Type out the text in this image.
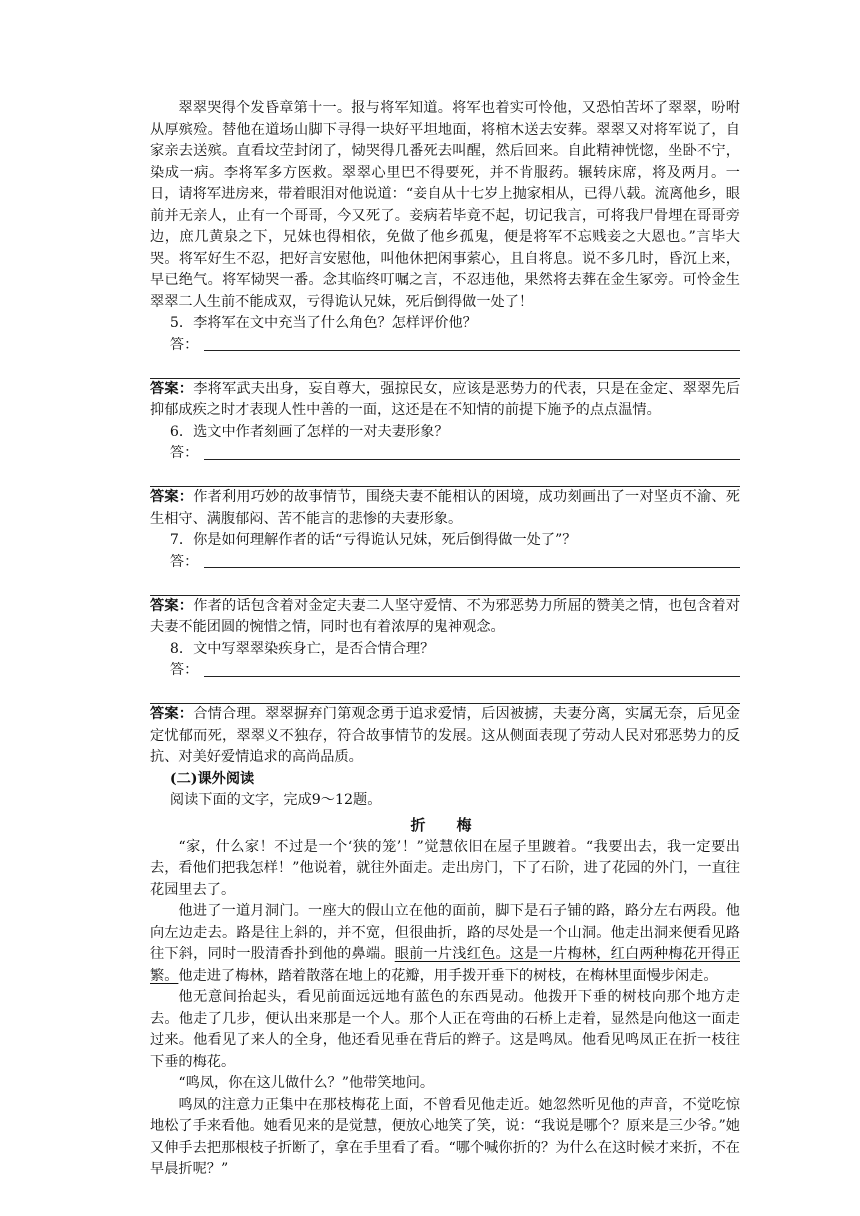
翠翠哭得个发昏章第十一。报与将军知道。将军也着实可怜他，又恐怕苦坏了翠翠，吩咐从厚殡殓。替他在道场山脚下寻得一块好平坦地面，将棺木送去安葬。翠翠又对将军说了，自家亲去送殡。直看坟茔封闭了，恸哭得几番死去叫醒，然后回来。自此精神恍惚，坐卧不宁，染成一病。李将军多方医救。翠翠心里巴不得要死，并不肯服药。辗转床席，将及两月。一日，请将军进房来，带着眼泪对他说道：“妾自从十七岁上抛家相从，已得八载。流离他乡，眼前并无亲人，止有一个哥哥，今又死了。妾病若毕竟不起，切记我言，可将我尸骨埋在哥哥旁边，庶几黄泉之下，兄妹也得相依，免做了他乡孤鬼，便是将军不忘贱妾之大恩也。”言毕大哭。将军好生不忍，把好言安慰他，叫他休把闲事萦心，且自将息。说不多几时，昏沉上来，早已绝气。将军恸哭一番。念其临终叮嘱之言，不忍违他，果然将去葬在金生冢旁。可怜金生翠翠二人生前不能成双，亏得诡认兄妹，死后倒得做一处了！

5．李将军在文中充当了什么角色？怎样评价他？

答：

答案：李将军武夫出身，妄自尊大，强掠民女，应该是恶势力的代表，只是在金定、翠翠先后抑郁成疾之时才表现人性中善的一面，这还是在不知情的前提下施予的点点温情。

6．选文中作者刻画了怎样的一对夫妻形象？

答：

答案：作者利用巧妙的故事情节，围绕夫妻不能相认的困境，成功刻画出了一对坚贞不渝、死生相守、满腹郁闷、苦不能言的悲惨的夫妻形象。

7．你是如何理解作者的话“亏得诡认兄妹，死后倒得做一处了”？

答：

答案：作者的话包含着对金定夫妻二人坚守爱情、不为邪恶势力所屈的赞美之情，也包含着对夫妻不能团圆的惋惜之情，同时也有着浓厚的鬼神观念。

8．文中写翠翠染疾身亡，是否合情合理？

答：

答案：合情合理。翠翠摒弃门第观念勇于追求爱情，后因被掳，夫妻分离，实属无奈，后见金定忧郁而死，翠翠义不独存，符合故事情节的发展。这从侧面表现了劳动人民对邪恶势力的反抗、对美好爱情追求的高尚品质。

(二)课外阅读

阅读下面的文字，完成9～12题。

折　梅

“家，什么家！不过是一个‘狭的笼’！”觉慧依旧在屋子里踱着。“我要出去，我一定要出去，看他们把我怎样！”他说着，就往外面走。走出房门，下了石阶，进了花园的外门，一直往花园里去了。

他进了一道月洞门。一座大的假山立在他的面前，脚下是石子铺的路，路分左右两段。他向左边走去。路是往上斜的，并不宽，但很曲折，路的尽处是一个山洞。他走出洞来便看见路往下斜，同时一股清香扑到他的鼻端。眼前一片浅红色。这是一片梅林，红白两种梅花开得正繁。他走进了梅林，踏着散落在地上的花瓣，用手拨开垂下的树枝，在梅林里面慢步闲走。

他无意间抬起头，看见前面远远地有蓝色的东西晃动。他拨开下垂的树枝向那个地方走去。他走了几步，便认出来那是一个人。那个人正在弯曲的石桥上走着，显然是向他这一面走过来。他看见了来人的全身，他还看见垂在背后的辫子。这是鸣凤。他看见鸣凤正在折一枝往下垂的梅花。

“鸣凤，你在这儿做什么？”他带笑地问。

鸣凤的注意力正集中在那枝梅花上面，不曾看见他走近。她忽然听见他的声音，不觉吃惊地松了手来看他。她看见来的是觉慧，便放心地笑了笑，说：“我说是哪个？原来是三少爷。”她又伸手去把那根枝子折断了，拿在手里看了看。“哪个喊你折的？为什么在这时候才来折，不在早晨折呢？”
